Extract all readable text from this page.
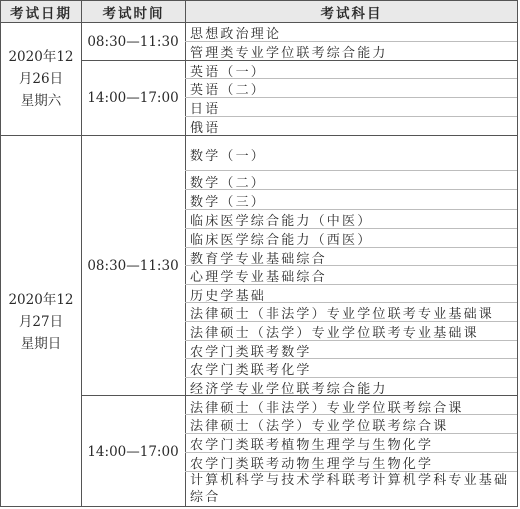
考试日期	考试时间	考试科目
2020年12
月26日
星期六
08:30—11:30
14:00—17:00
思想政治理论
管理类专业学位联考综合能力
英语（一）
英语（二）
日语
俄语
2020年12
月27日
星期日
08:30—11:30
14:00—17:00
数学（一）
数学（二）
数学（三）
临床医学综合能力（中医）
临床医学综合能力（西医）
教育学专业基础综合
心理学专业基础综合
历史学基础
法律硕士（非法学）专业学位联考专业基础课
法律硕士（法学）专业学位联考专业基础课
农学门类联考数学
农学门类联考化学
经济学专业学位联考综合能力
法律硕士（非法学）专业学位联考综合课
法律硕士（法学）专业学位联考综合课
农学门类联考植物生理学与生物化学
农学门类联考动物生理学与生物化学
计算机科学与技术学科联考计算机学科专业基础综合
